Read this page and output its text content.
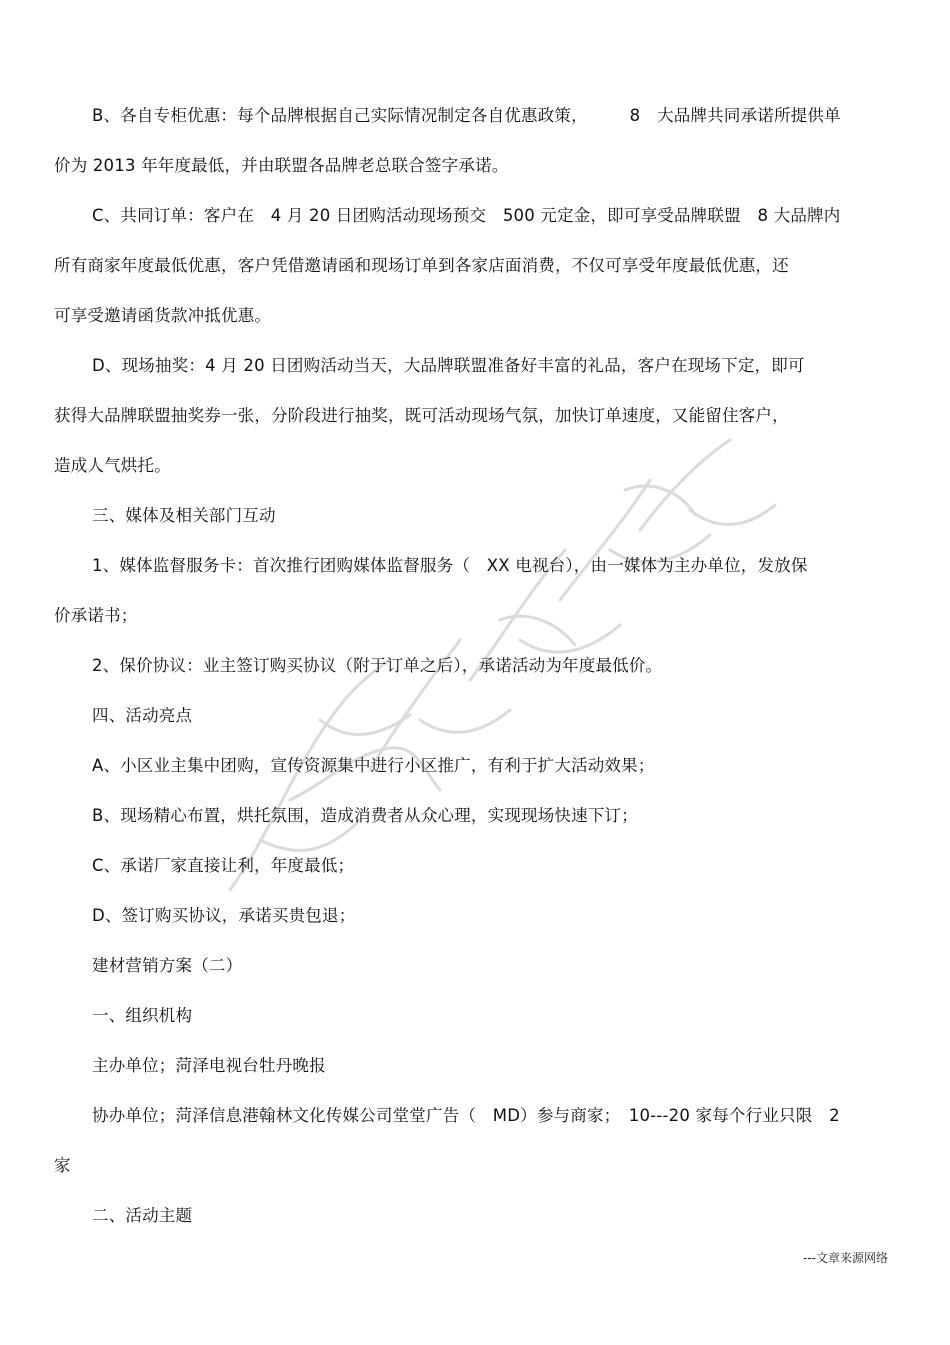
B、各自专柜优惠：每个品牌根据自己实际情况制定各自优惠政策，　　　8　大品牌共同承诺所提供单
价为 2013 年年度最低，并由联盟各品牌老总联合签字承诺。
C、共同订单：客户在　4 月 20 日团购活动现场预交　500 元定金，即可享受品牌联盟　8 大品牌内
所有商家年度最低优惠，客户凭借邀请函和现场订单到各家店面消费，不仅可享受年度最低优惠，还
可享受邀请函货款冲抵优惠。
D、现场抽奖：4 月 20 日团购活动当天，大品牌联盟准备好丰富的礼品，客户在现场下定，即可
获得大品牌联盟抽奖券一张，分阶段进行抽奖，既可活动现场气氛，加快订单速度，又能留住客户，
造成人气烘托。
三、媒体及相关部门互动
1、媒体监督服务卡：首次推行团购媒体监督服务（　XX 电视台），由一媒体为主办单位，发放保
价承诺书；
2、保价协议：业主签订购买协议（附于订单之后），承诺活动为年度最低价。
四、活动亮点
A、小区业主集中团购，宣传资源集中进行小区推广，有利于扩大活动效果；
B、现场精心布置，烘托氛围，造成消费者从众心理，实现现场快速下订；
C、承诺厂家直接让利，年度最低；
D、签订购买协议，承诺买贵包退；
建材营销方案（二）
一、组织机构
主办单位；菏泽电视台牡丹晚报
协办单位；菏泽信息港翰林文化传媒公司堂堂广告（　MD）参与商家；　10---20 家每个行业只限　2
家
二、活动主题
---文章来源网络
